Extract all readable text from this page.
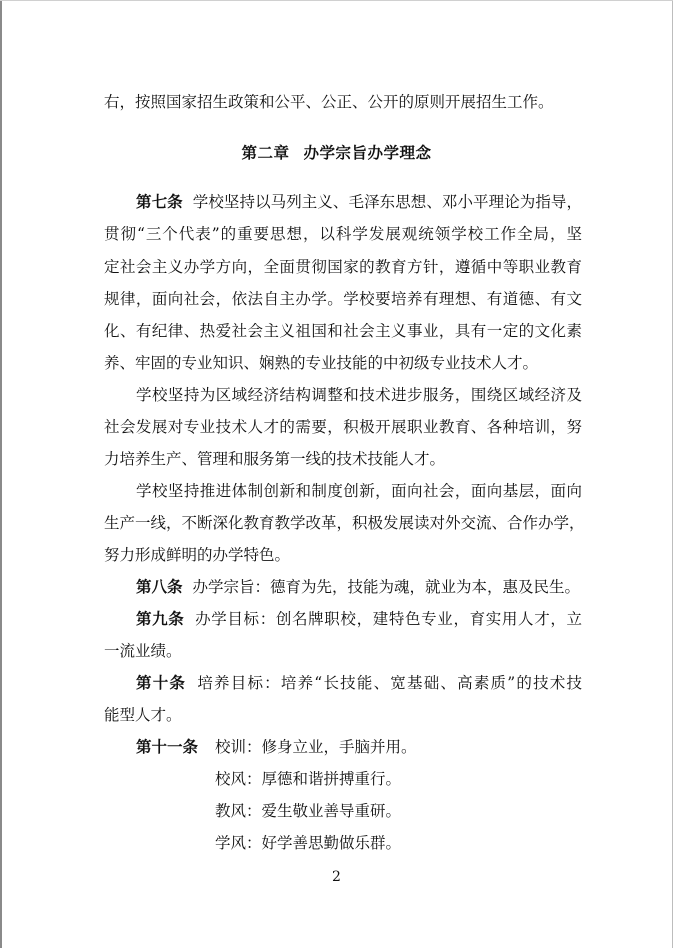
右，按照国家招生政策和公平、公正、公开的原则开展招生工作。
第二章 办学宗旨办学理念
第七条 学校坚持以马列主义、毛泽东思想、邓小平理论为指导，
贯彻“三个代表”的重要思想，以科学发展观统领学校工作全局，坚
定社会主义办学方向，全面贯彻国家的教育方针，遵循中等职业教育
规律，面向社会，依法自主办学。学校要培养有理想、有道德、有文
化、有纪律、热爱社会主义祖国和社会主义事业，具有一定的文化素
养、牢固的专业知识、娴熟的专业技能的中初级专业技术人才。
学校坚持为区域经济结构调整和技术进步服务，围绕区域经济及
社会发展对专业技术人才的需要，积极开展职业教育、各种培训，努
力培养生产、管理和服务第一线的技术技能人才。
学校坚持推进体制创新和制度创新，面向社会，面向基层，面向
生产一线，不断深化教育教学改革，积极发展读对外交流、合作办学，
努力形成鲜明的办学特色。
第八条 办学宗旨：德育为先，技能为魂，就业为本，惠及民生。
第九条 办学目标：创名牌职校，建特色专业，育实用人才，立
一流业绩。
第十条 培养目标：培养“长技能、宽基础、高素质”的技术技
能型人才。
第十一条 校训：修身立业，手脑并用。
校风：厚德和谐拼搏重行。
教风：爱生敬业善导重研。
学风：好学善思勤做乐群。
2
